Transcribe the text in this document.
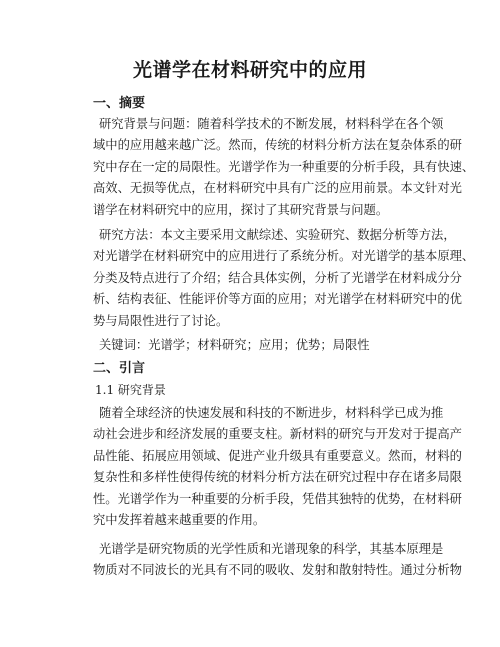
光谱学在材料研究中的应用
一、摘要
研究背景与问题：随着科学技术的不断发展，材料科学在各个领
域中的应用越来越广泛。然而，传统的材料分析方法在复杂体系的研
究中存在一定的局限性。光谱学作为一种重要的分析手段，具有快速、
高效、无损等优点，在材料研究中具有广泛的应用前景。本文针对光
谱学在材料研究中的应用，探讨了其研究背景与问题。
研究方法：本文主要采用文献综述、实验研究、数据分析等方法，
对光谱学在材料研究中的应用进行了系统分析。对光谱学的基本原理、
分类及特点进行了介绍；结合具体实例，分析了光谱学在材料成分分
析、结构表征、性能评价等方面的应用；对光谱学在材料研究中的优
势与局限性进行了讨论。
关键词：光谱学；材料研究；应用；优势；局限性
二、引言
1.1 研究背景
随着全球经济的快速发展和科技的不断进步，材料科学已成为推
动社会进步和经济发展的重要支柱。新材料的研究与开发对于提高产
品性能、拓展应用领域、促进产业升级具有重要意义。然而，材料的
复杂性和多样性使得传统的材料分析方法在研究过程中存在诸多局限
性。光谱学作为一种重要的分析手段，凭借其独特的优势，在材料研
究中发挥着越来越重要的作用。
光谱学是研究物质的光学性质和光谱现象的科学，其基本原理是
物质对不同波长的光具有不同的吸收、发射和散射特性。通过分析物
